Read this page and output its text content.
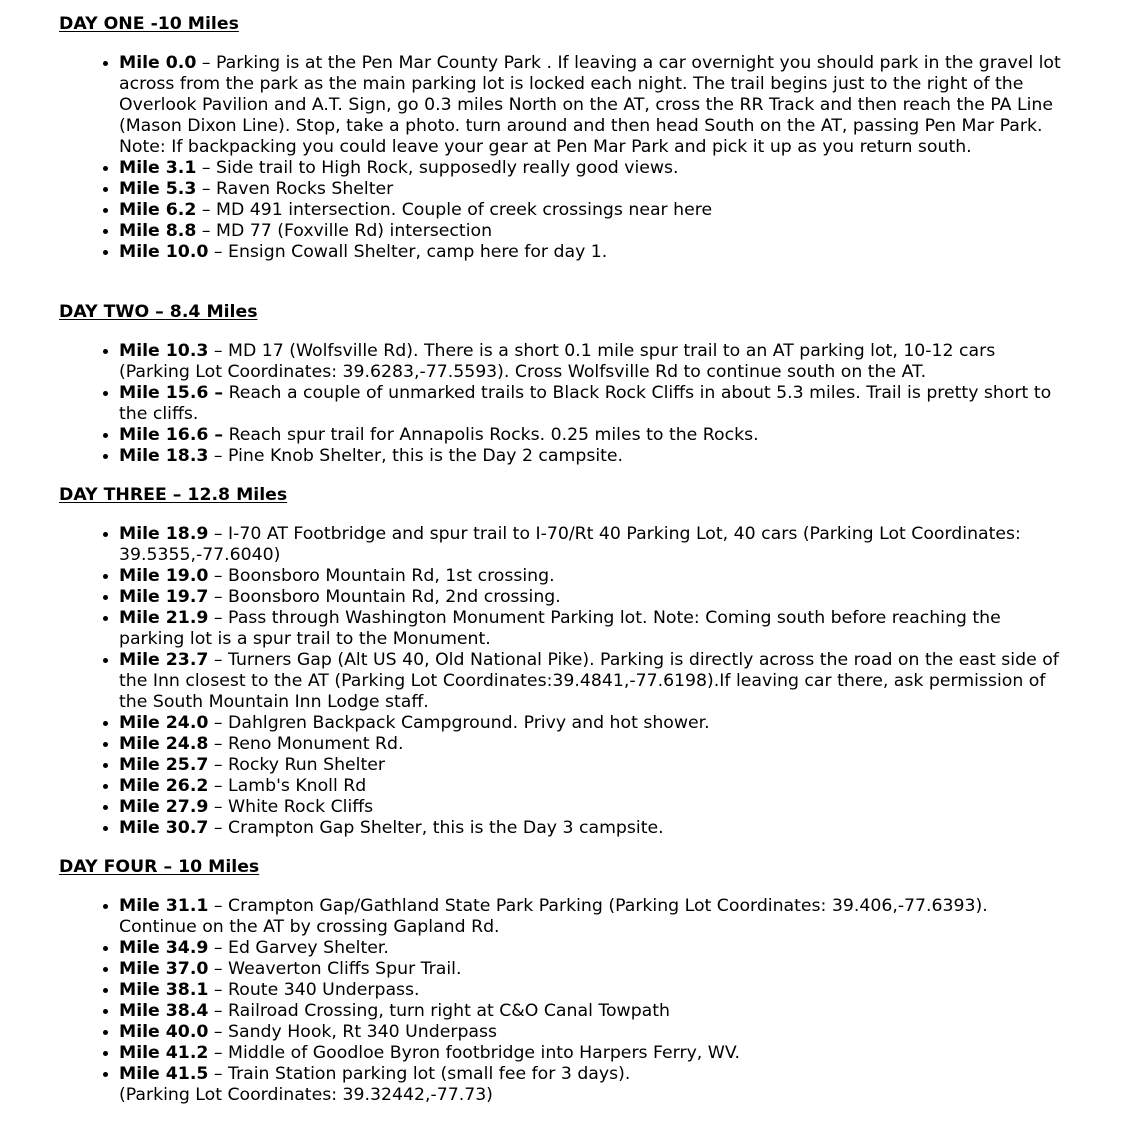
DAY ONE -10 Miles
• Mile 0.0 – Parking is at the Pen Mar County Park . If leaving a car overnight you should park in the gravel lot across from the park as the main parking lot is locked each night. The trail begins just to the right of the Overlook Pavilion and A.T. Sign, go 0.3 miles North on the AT, cross the RR Track and then reach the PA Line (Mason Dixon Line). Stop, take a photo. turn around and then head South on the AT, passing Pen Mar Park. Note: If backpacking you could leave your gear at Pen Mar Park and pick it up as you return south.
• Mile 3.1 – Side trail to High Rock, supposedly really good views.
• Mile 5.3 – Raven Rocks Shelter
• Mile 6.2 – MD 491 intersection. Couple of creek crossings near here
• Mile 8.8 – MD 77 (Foxville Rd) intersection
• Mile 10.0 – Ensign Cowall Shelter, camp here for day 1.
DAY TWO – 8.4 Miles
• Mile 10.3 – MD 17 (Wolfsville Rd). There is a short 0.1 mile spur trail to an AT parking lot, 10-12 cars (Parking Lot Coordinates: 39.6283,-77.5593). Cross Wolfsville Rd to continue south on the AT.
• Mile 15.6 – Reach a couple of unmarked trails to Black Rock Cliffs in about 5.3 miles. Trail is pretty short to the cliffs.
• Mile 16.6 – Reach spur trail for Annapolis Rocks. 0.25 miles to the Rocks.
• Mile 18.3 – Pine Knob Shelter, this is the Day 2 campsite.
DAY THREE – 12.8 Miles
• Mile 18.9 – I-70 AT Footbridge and spur trail to I-70/Rt 40 Parking Lot, 40 cars (Parking Lot Coordinates: 39.5355,-77.6040)
• Mile 19.0 – Boonsboro Mountain Rd, 1st crossing.
• Mile 19.7 – Boonsboro Mountain Rd, 2nd crossing.
• Mile 21.9 – Pass through Washington Monument Parking lot. Note: Coming south before reaching the parking lot is a spur trail to the Monument.
• Mile 23.7 – Turners Gap (Alt US 40, Old National Pike). Parking is directly across the road on the east side of the Inn closest to the AT (Parking Lot Coordinates:39.4841,-77.6198).If leaving car there, ask permission of the South Mountain Inn Lodge staff.
• Mile 24.0 – Dahlgren Backpack Campground. Privy and hot shower.
• Mile 24.8 – Reno Monument Rd.
• Mile 25.7 – Rocky Run Shelter
• Mile 26.2 – Lamb's Knoll Rd
• Mile 27.9 – White Rock Cliffs
• Mile 30.7 – Crampton Gap Shelter, this is the Day 3 campsite.
DAY FOUR – 10 Miles
• Mile 31.1 – Crampton Gap/Gathland State Park Parking (Parking Lot Coordinates: 39.406,-77.6393). Continue on the AT by crossing Gapland Rd.
• Mile 34.9 – Ed Garvey Shelter.
• Mile 37.0 – Weaverton Cliffs Spur Trail.
• Mile 38.1 – Route 340 Underpass.
• Mile 38.4 – Railroad Crossing, turn right at C&O Canal Towpath
• Mile 40.0 – Sandy Hook, Rt 340 Underpass
• Mile 41.2 – Middle of Goodloe Byron footbridge into Harpers Ferry, WV.
• Mile 41.5 – Train Station parking lot (small fee for 3 days).
(Parking Lot Coordinates: 39.32442,-77.73)
